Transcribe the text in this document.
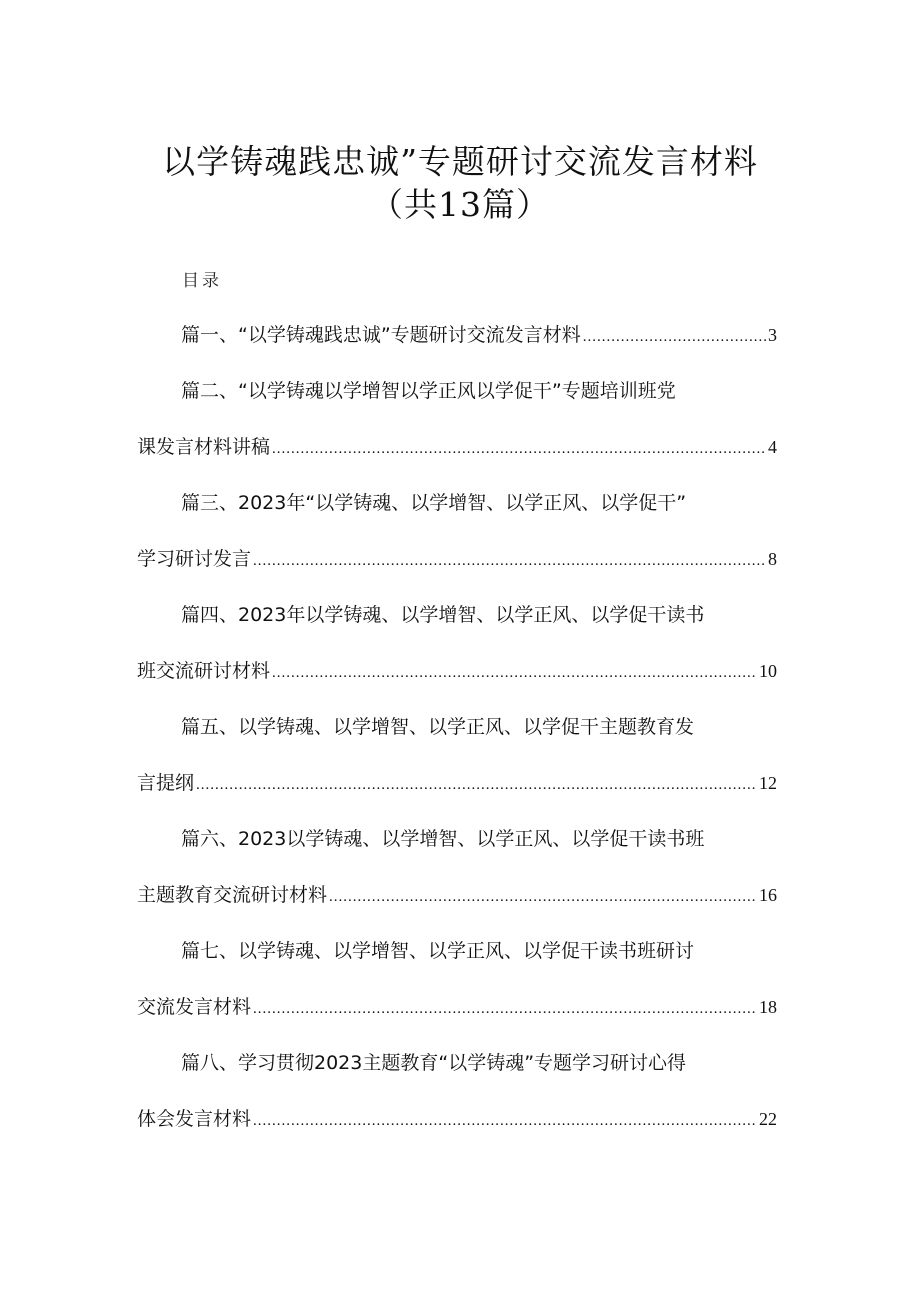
以学铸魂践忠诚”专题研讨交流发言材料
（共13篇）
目录
篇一、“以学铸魂践忠诚”专题研讨交流发言材料 .....	3
篇二、“以学铸魂以学增智以学正风以学促干”专题培训班党
课发言材料讲稿 .....	4
篇三、2023年“以学铸魂、以学增智、以学正风、以学促干”
学习研讨发言 .....	8
篇四、2023年以学铸魂、以学增智、以学正风、以学促干读书
班交流研讨材料 .....	10
篇五、以学铸魂、以学增智、以学正风、以学促干主题教育发
言提纲 .....	12
篇六、2023以学铸魂、以学增智、以学正风、以学促干读书班
主题教育交流研讨材料 .....	16
篇七、以学铸魂、以学增智、以学正风、以学促干读书班研讨
交流发言材料 .....	18
篇八、学习贯彻2023主题教育“以学铸魂”专题学习研讨心得
体会发言材料 .....	22
